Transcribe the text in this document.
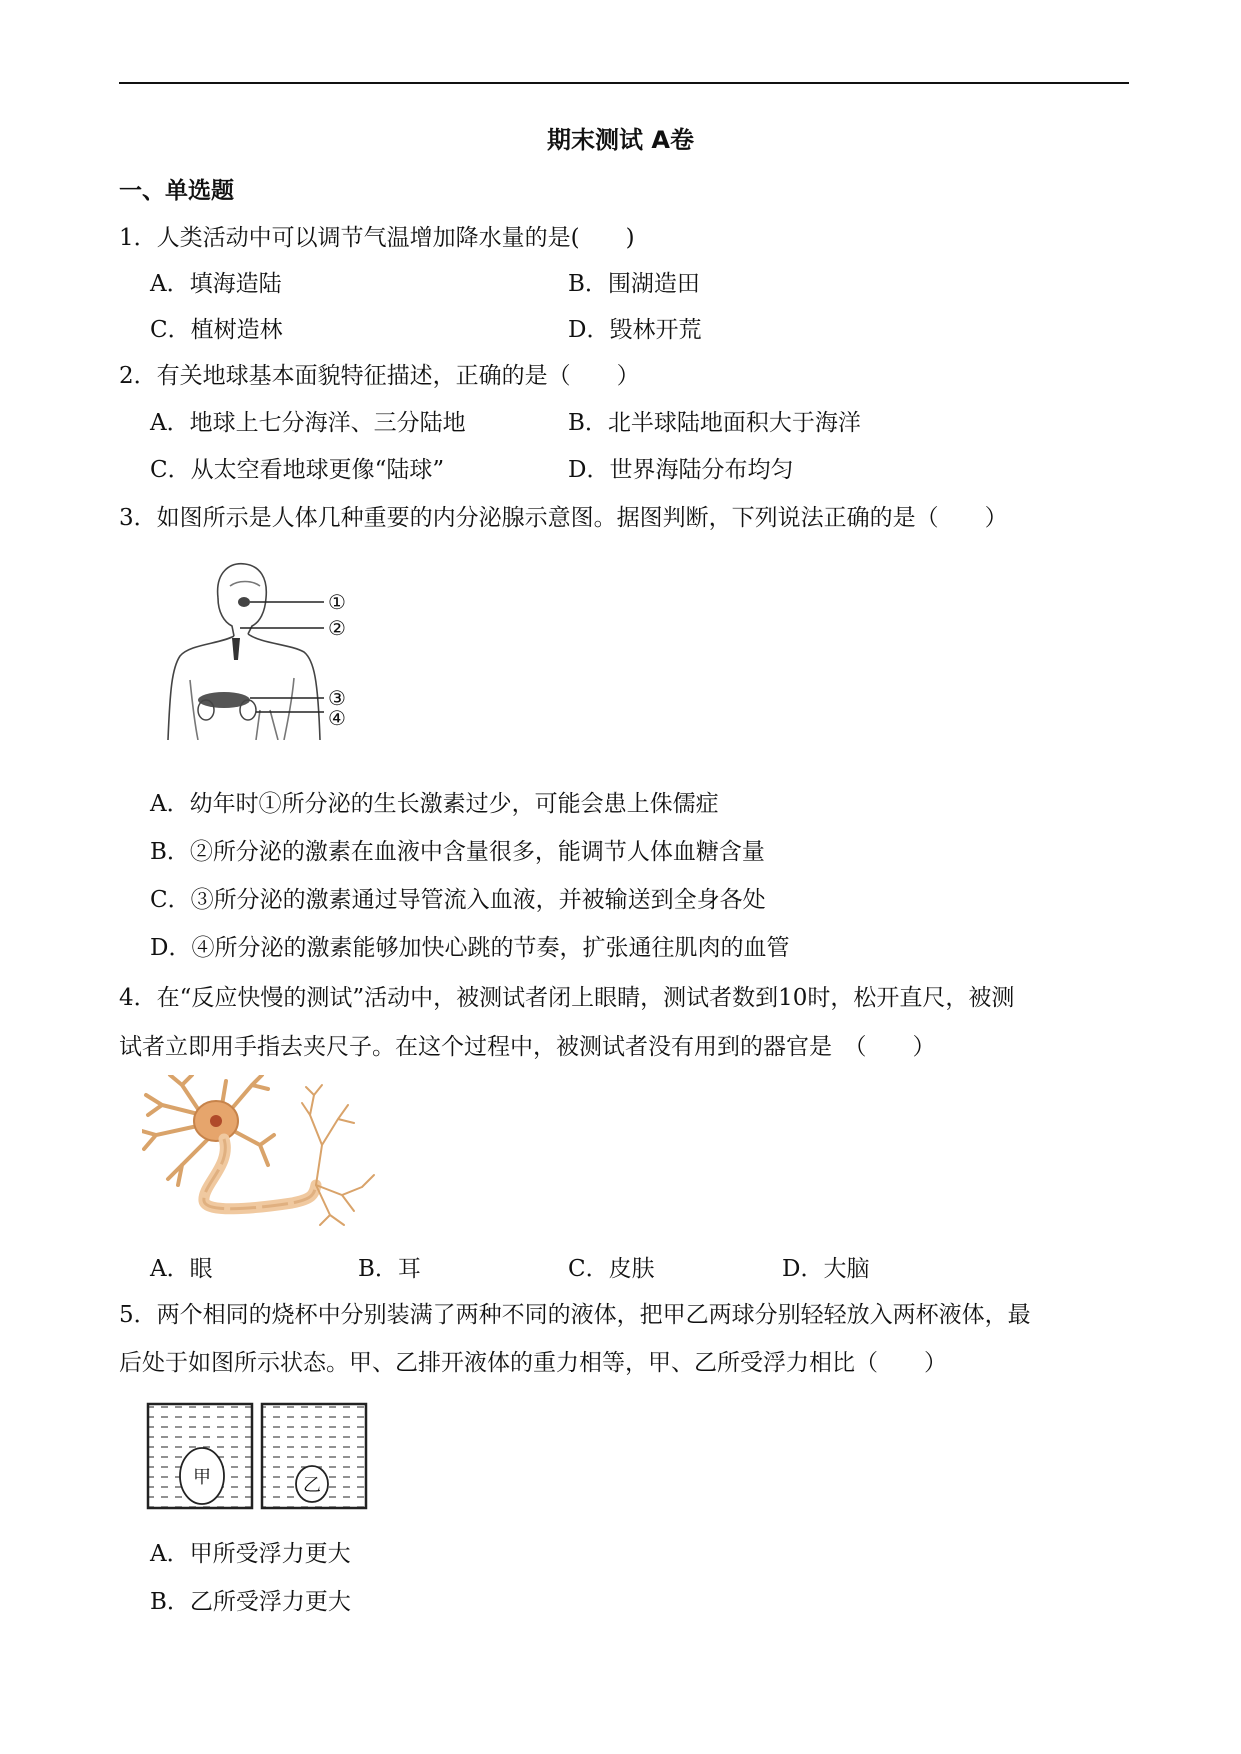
期末测试 A卷
一、单选题
1．人类活动中可以调节气温增加降水量的是(　　)
A．填海造陆	B．围湖造田
C．植树造林	D．毁林开荒
2．有关地球基本面貌特征描述，正确的是（　　）
A．地球上七分海洋、三分陆地	B．北半球陆地面积大于海洋
C．从太空看地球更像“陆球”	D．世界海陆分布均匀
3．如图所示是人体几种重要的内分泌腺示意图。据图判断，下列说法正确的是（　　）
①
②
③
④
A．幼年时①所分泌的生长激素过少，可能会患上侏儒症
B．②所分泌的激素在血液中含量很多，能调节人体血糖含量
C．③所分泌的激素通过导管流入血液，并被输送到全身各处
D．④所分泌的激素能够加快心跳的节奏，扩张通往肌肉的血管
4．在“反应快慢的测试”活动中，被测试者闭上眼睛，测试者数到10时，松开直尺，被测
试者立即用手指去夹尺子。在这个过程中，被测试者没有用到的器官是　（　　）
A．眼	B．耳	C．皮肤	D．大脑
5．两个相同的烧杯中分别装满了两种不同的液体，把甲乙两球分别轻轻放入两杯液体，最
后处于如图所示状态。甲、乙排开液体的重力相等，甲、乙所受浮力相比（　　）
甲	乙
A．甲所受浮力更大
B．乙所受浮力更大
